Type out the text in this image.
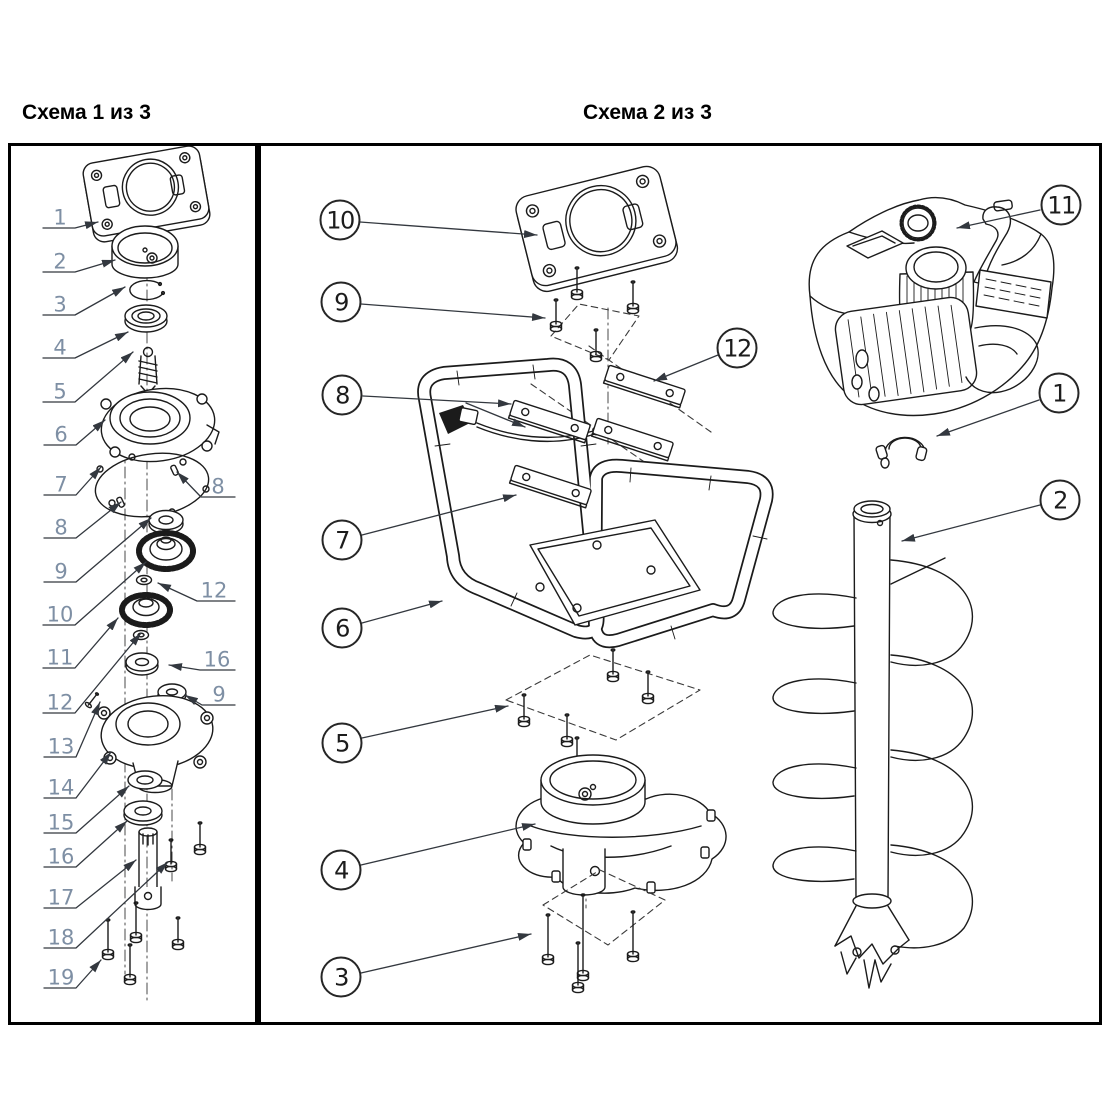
Схема 1 из 3	Схема 2 из 3
1
2
3
4
5
6
7
8
9
10
11
12
13
14
15
16
17
18
19
8
12
16
9
10
9
8
7
6
5
4
3
12
11
1
2
